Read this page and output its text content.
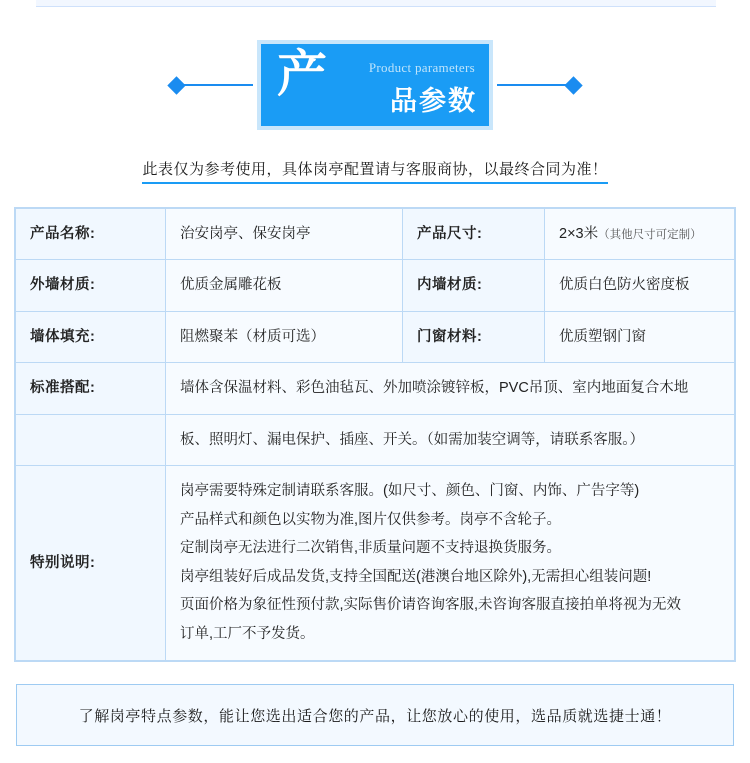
产	Product parameters
品参数
此表仅为参考使用，具体岗亭配置请与客服商协，以最终合同为准！
产品名称:	治安岗亭、保安岗亭	产品尺寸:	2×3米（其他尺寸可定制）
外墙材质:	优质金属雕花板	内墙材质:	优质白色防火密度板
墙体填充:	阻燃聚苯（材质可选）	门窗材料:	优质塑钢门窗
标准搭配:	墙体含保温材料、彩色油毡瓦、外加喷涂镀锌板，PVC吊顶、室内地面复合木地		
	板、照明灯、漏电保护、插座、开关。（如需加装空调等，请联系客服。）		
特别说明:	

岗亭需要特殊定制请联系客服。(如尺寸、颜色、门窗、内饰、广告字等)

产品样式和颜色以实物为准,图片仅供参考。岗亭不含轮子。

定制岗亭无法进行二次销售,非质量问题不支持退换货服务。

岗亭组装好后成品发货,支持全国配送(港澳台地区除外),无需担心组装问题!

页面价格为象征性预付款,实际售价请咨询客服,未咨询客服直接拍单将视为无效

订单,工厂不予发货。

了解岗亭特点参数，能让您选出适合您的产品，让您放心的使用，选品质就选捷士通！
